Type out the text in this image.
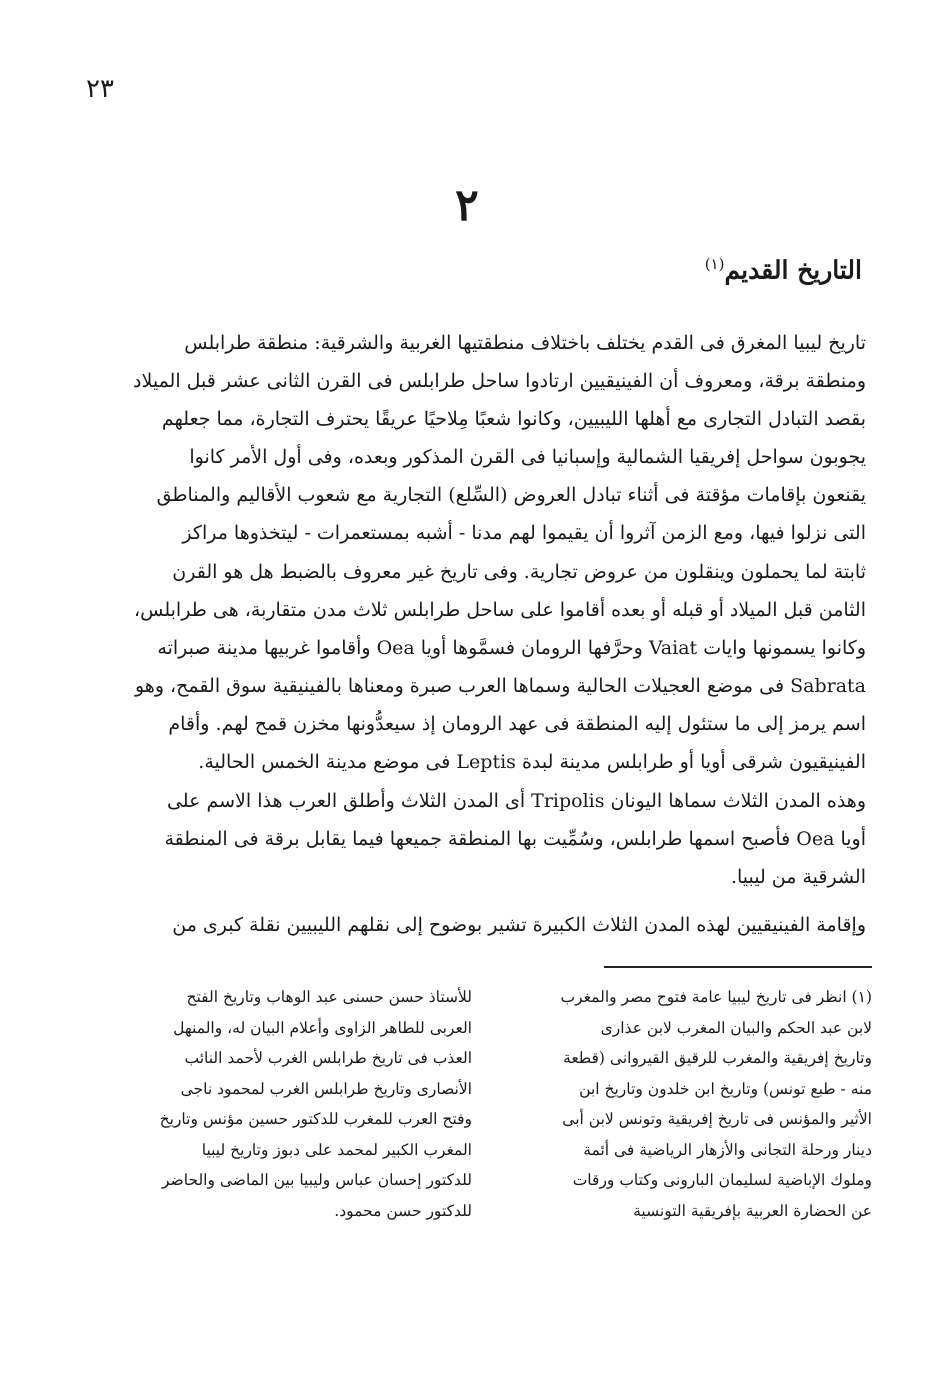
٢٣
٢
التاريخ القديم$^{(١)}$
تاريخ ليبيا المغرق فى القدم يختلف باختلاف منطقتيها الغربية والشرقية: منطقة طرابلس
ومنطقة برقة، ومعروف أن الفينيقيين ارتادوا ساحل طرابلس فى القرن الثانى عشر قبل الميلاد
بقصد التبادل التجارى مع أهلها الليبيين، وكانوا شعبًا مِلاحيًا عريقًا يحترف التجارة، مما جعلهم
يجوبون سواحل إفريقيا الشمالية وإسبانيا فى القرن المذكور وبعده، وفى أول الأمر كانوا
يقنعون بإقامات مؤقتة فى أثناء تبادل العروض (السِّلع) التجارية مع شعوب الأقاليم والمناطق
التى نزلوا فيها، ومع الزمن آثروا أن يقيموا لهم مدنا - أشبه بمستعمرات - ليتخذوها مراكز
ثابتة لما يحملون وينقلون من عروض تجارية. وفى تاريخ غير معروف بالضبط هل هو القرن
الثامن قبل الميلاد أو قبله أو بعده أقاموا على ساحل طرابلس ثلاث مدن متقاربة، هى طرابلس،
وكانوا يسمونها وايات Vaiat وحرَّفها الرومان فسمَّوها أويا Oea وأقاموا غربيها مدينة صبراته
Sabrata فى موضع العجيلات الحالية وسماها العرب صبرة ومعناها بالفينيقية سوق القمح، وهو
اسم يرمز إلى ما ستئول إليه المنطقة فى عهد الرومان إذ سيعدُّونها مخزن قمح لهم. وأقام
الفينيقيون شرقى أويا أو طرابلس مدينة لبدة Leptis فى موضع مدينة الخمس الحالية.
وهذه المدن الثلاث سماها اليونان Tripolis أى المدن الثلاث وأطلق العرب هذا الاسم على
أويا Oea فأصبح اسمها طرابلس، وسُمِّيت بها المنطقة جميعها فيما يقابل برقة فى المنطقة
الشرقية من ليبيا.
وإقامة الفينيقيين لهذه المدن الثلاث الكبيرة تشير بوضوح إلى نقلهم الليبيين نقلة كبرى من
(١) انظر فى تاريخ ليبيا عامة فتوح مصر والمغرب
لابن عبد الحكم والبيان المغرب لابن عذارى
وتاريخ إفريقية والمغرب للرقيق القيروانى (قطعة
منه - طبع تونس) وتاريخ ابن خلدون وتاريخ ابن
الأثير والمؤنس فى تاريخ إفريقية وتونس لابن أبى
دينار ورحلة التجانى والأزهار الرياضية فى أئمة
وملوك الإباضية لسليمان البارونى وكتاب ورقات
عن الحضارة العربية بإفريقية التونسية
للأستاذ حسن حسنى عبد الوهاب وتاريخ الفتح
العربى للطاهر الزاوى وأعلام البيان له، والمنهل
العذب فى تاريخ طرابلس الغرب لأحمد النائب
الأنصارى وتاريخ طرابلس الغرب لمحمود ناجى
وفتح العرب للمغرب للدكتور حسين مؤنس وتاريخ
المغرب الكبير لمحمد على دبوز وتاريخ ليبيا
للدكتور إحسان عباس وليبيا بين الماضى والحاضر
للدكتور حسن محمود.
